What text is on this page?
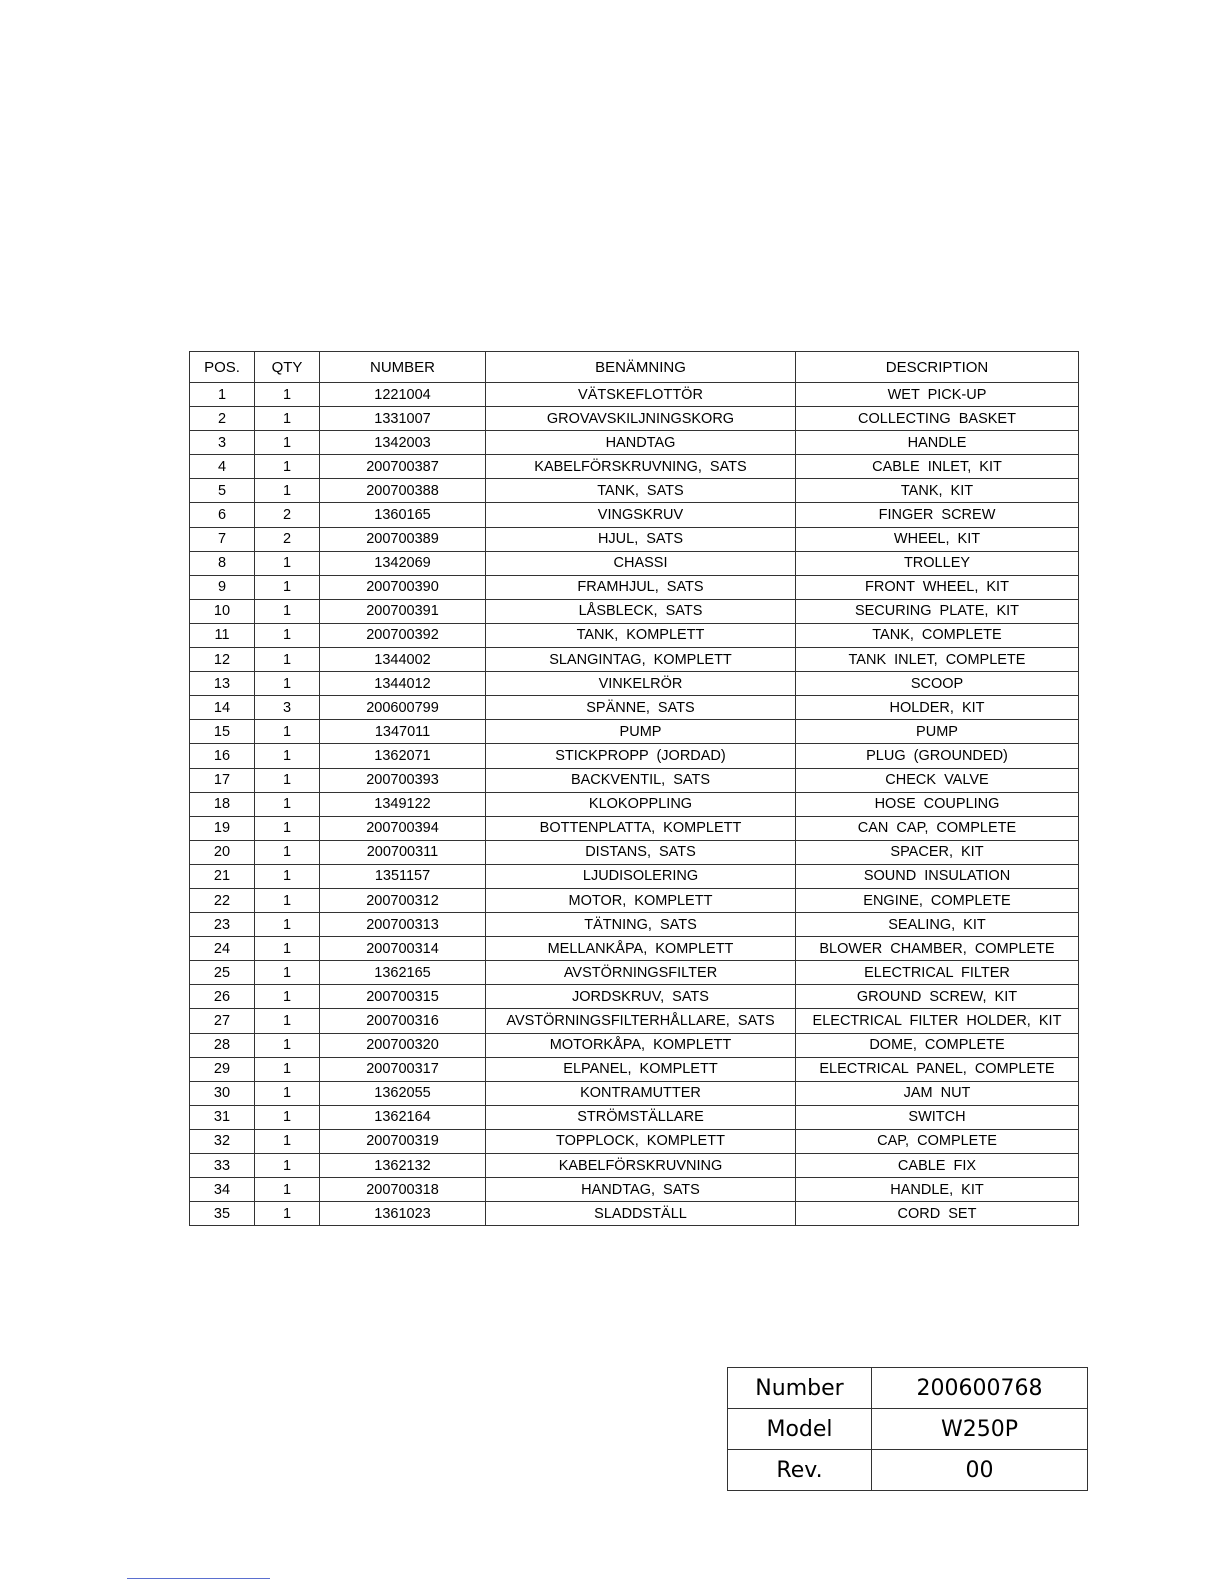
POS.	QTY	NUMBER	BENÄMNING	DESCRIPTION
1	1	1221004	VÄTSKEFLOTTÖR	WET PICK-UP
2	1	1331007	GROVAVSKILJNINGSKORG	COLLECTING BASKET
3	1	1342003	HANDTAG	HANDLE
4	1	200700387	KABELFÖRSKRUVNING, SATS	CABLE INLET, KIT
5	1	200700388	TANK, SATS	TANK, KIT
6	2	1360165	VINGSKRUV	FINGER SCREW
7	2	200700389	HJUL, SATS	WHEEL, KIT
8	1	1342069	CHASSI	TROLLEY
9	1	200700390	FRAMHJUL, SATS	FRONT WHEEL, KIT
10	1	200700391	LÅSBLECK, SATS	SECURING PLATE, KIT
11	1	200700392	TANK, KOMPLETT	TANK, COMPLETE
12	1	1344002	SLANGINTAG, KOMPLETT	TANK INLET, COMPLETE
13	1	1344012	VINKELRÖR	SCOOP
14	3	200600799	SPÄNNE, SATS	HOLDER, KIT
15	1	1347011	PUMP	PUMP
16	1	1362071	STICKPROPP (JORDAD)	PLUG (GROUNDED)
17	1	200700393	BACKVENTIL, SATS	CHECK VALVE
18	1	1349122	KLOKOPPLING	HOSE COUPLING
19	1	200700394	BOTTENPLATTA, KOMPLETT	CAN CAP, COMPLETE
20	1	200700311	DISTANS, SATS	SPACER, KIT
21	1	1351157	LJUDISOLERING	SOUND INSULATION
22	1	200700312	MOTOR, KOMPLETT	ENGINE, COMPLETE
23	1	200700313	TÄTNING, SATS	SEALING, KIT
24	1	200700314	MELLANKÅPA, KOMPLETT	BLOWER CHAMBER, COMPLETE
25	1	1362165	AVSTÖRNINGSFILTER	ELECTRICAL FILTER
26	1	200700315	JORDSKRUV, SATS	GROUND SCREW, KIT
27	1	200700316	AVSTÖRNINGSFILTERHÅLLARE, SATS	ELECTRICAL FILTER HOLDER, KIT
28	1	200700320	MOTORKÅPA, KOMPLETT	DOME, COMPLETE
29	1	200700317	ELPANEL, KOMPLETT	ELECTRICAL PANEL, COMPLETE
30	1	1362055	KONTRAMUTTER	JAM NUT
31	1	1362164	STRÖMSTÄLLARE	SWITCH
32	1	200700319	TOPPLOCK, KOMPLETT	CAP, COMPLETE
33	1	1362132	KABELFÖRSKRUVNING	CABLE FIX
34	1	200700318	HANDTAG, SATS	HANDLE, KIT
35	1	1361023	SLADDSTÄLL	CORD SET
Number	200600768
Model	W250P
Rev.	00
